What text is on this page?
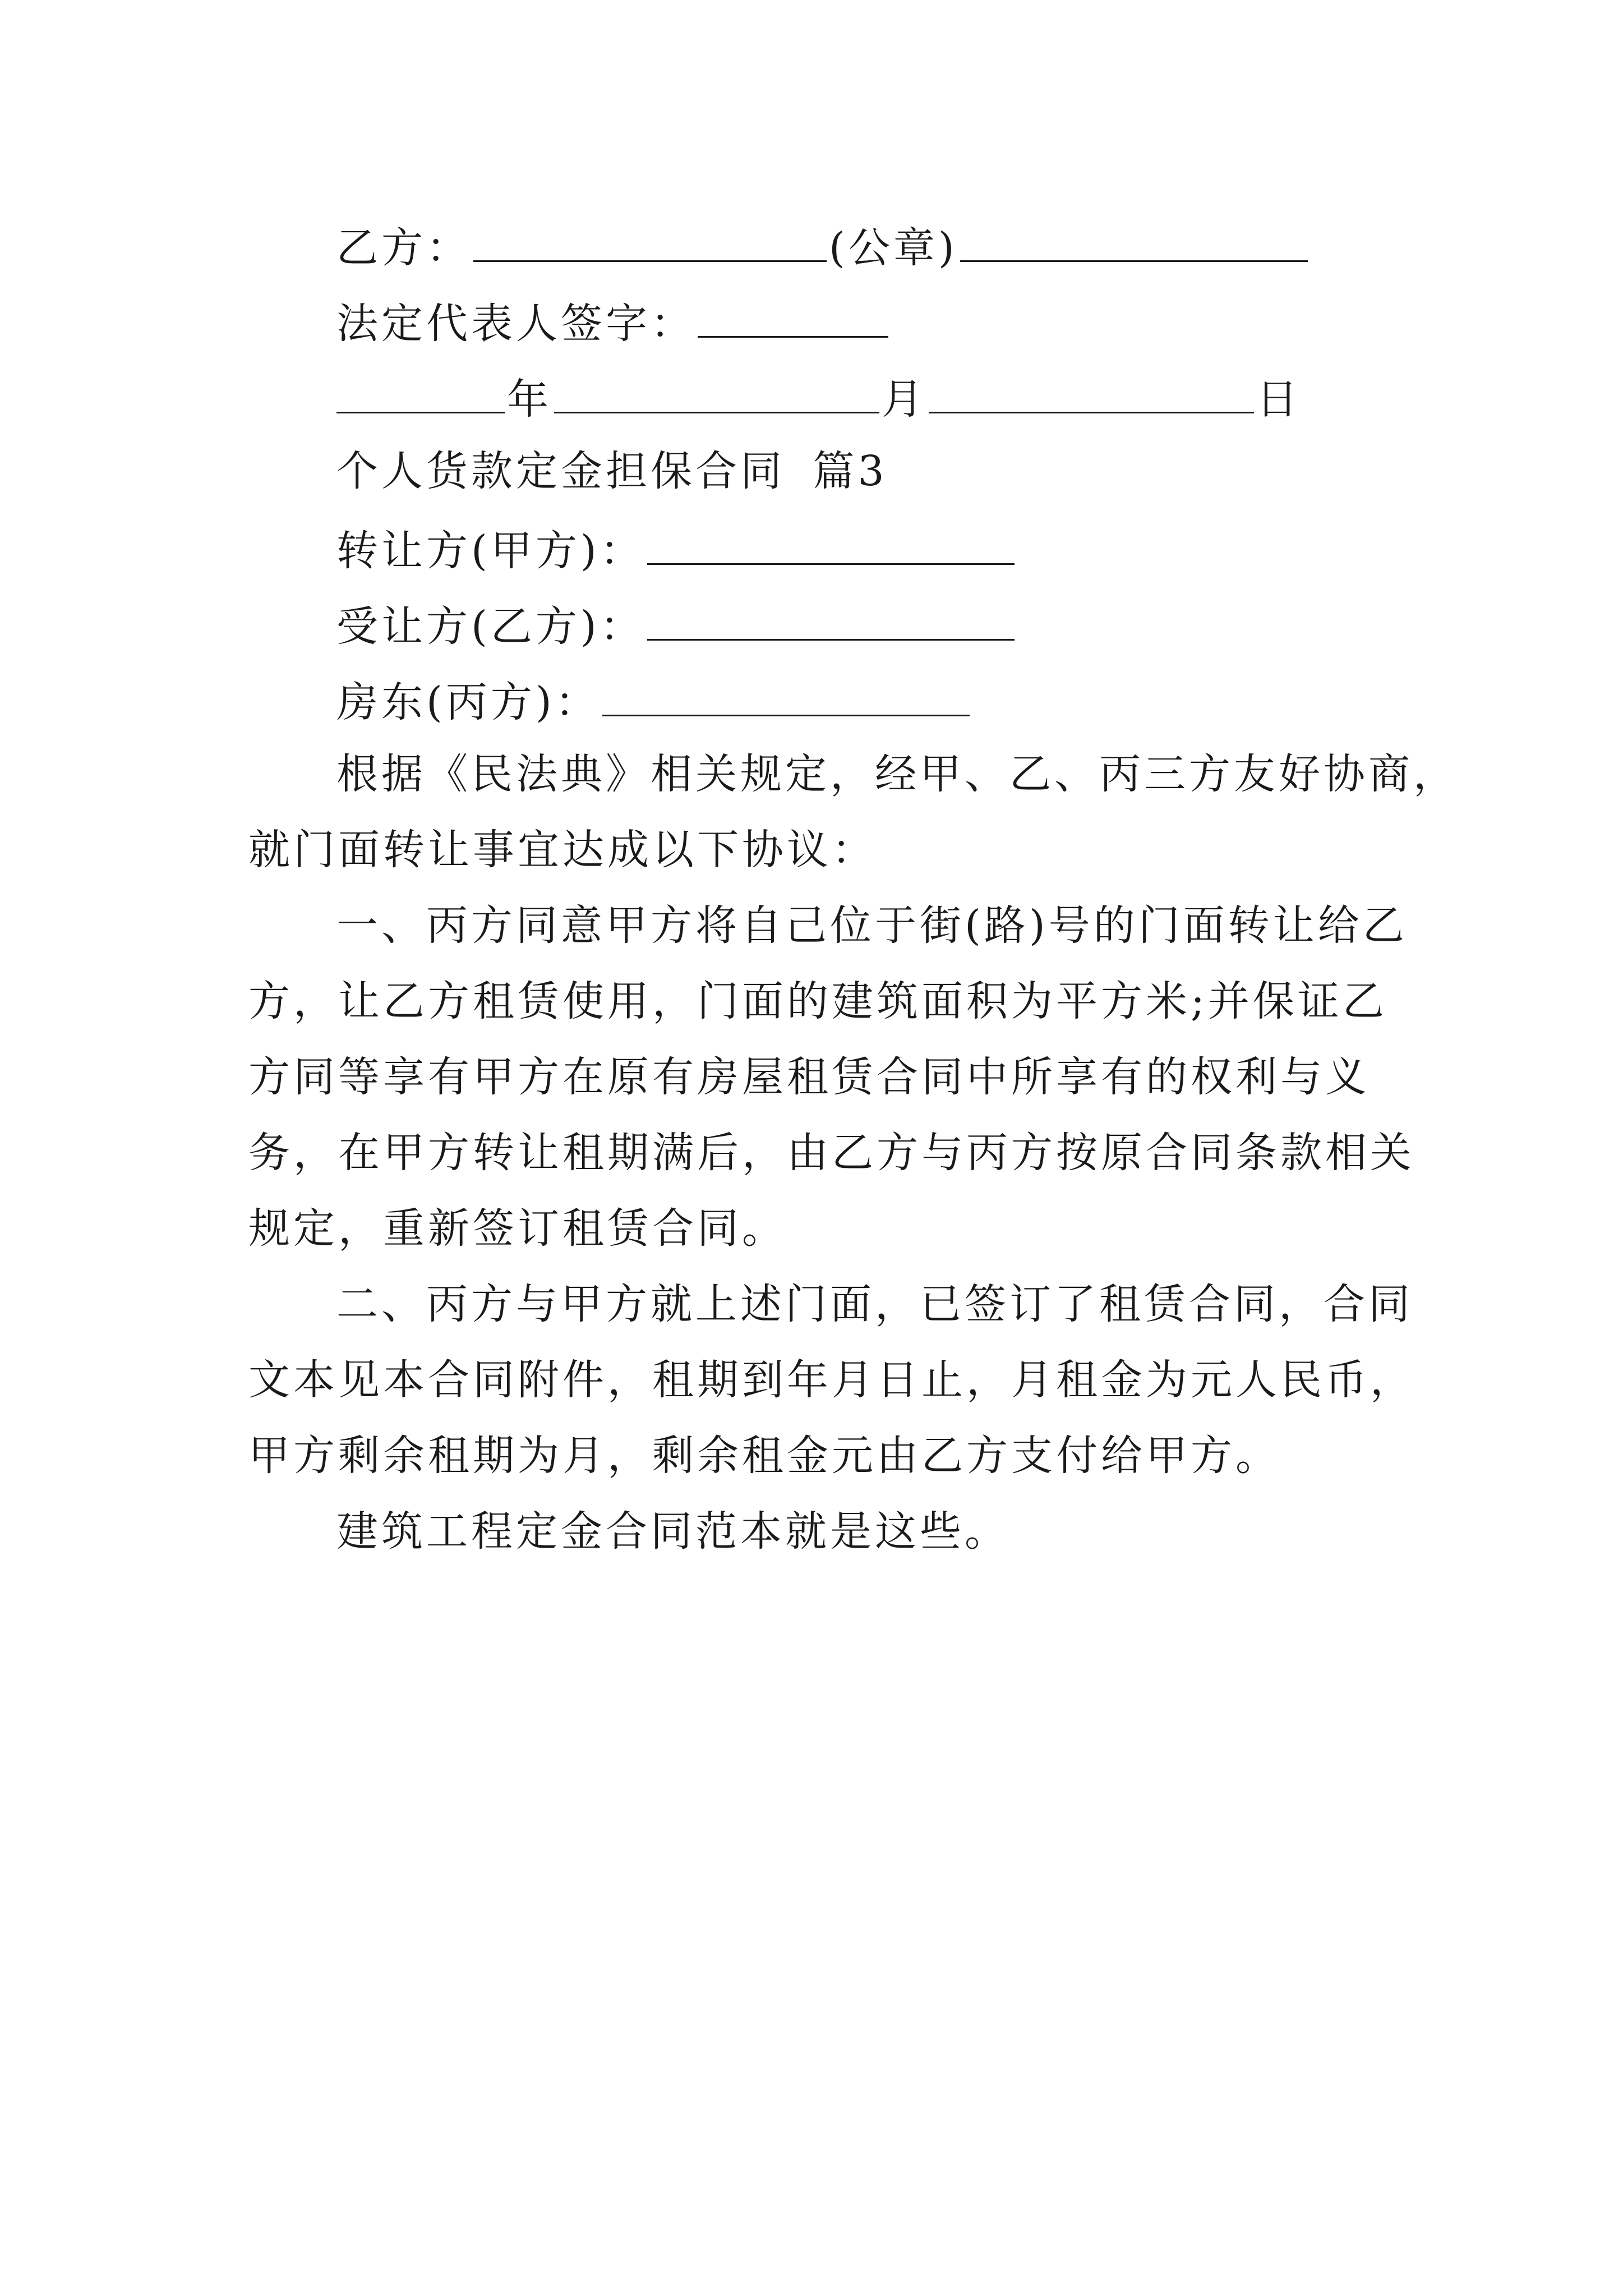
乙方：	(公章)
法定代表人签字：
年	月	日
个人货款定金担保合同 篇3
转让方(甲方)：
受让方(乙方)：
房东(丙方)：
根据《民法典》相关规定，经甲、乙、丙三方友好协商，
就门面转让事宜达成以下协议：
一、丙方同意甲方将自己位于街(路)号的门面转让给乙
方，让乙方租赁使用，门面的建筑面积为平方米;并保证乙
方同等享有甲方在原有房屋租赁合同中所享有的权利与义
务，在甲方转让租期满后，由乙方与丙方按原合同条款相关
规定，重新签订租赁合同。
二、丙方与甲方就上述门面，已签订了租赁合同，合同
文本见本合同附件，租期到年月日止，月租金为元人民币，
甲方剩余租期为月，剩余租金元由乙方支付给甲方。
建筑工程定金合同范本就是这些。
